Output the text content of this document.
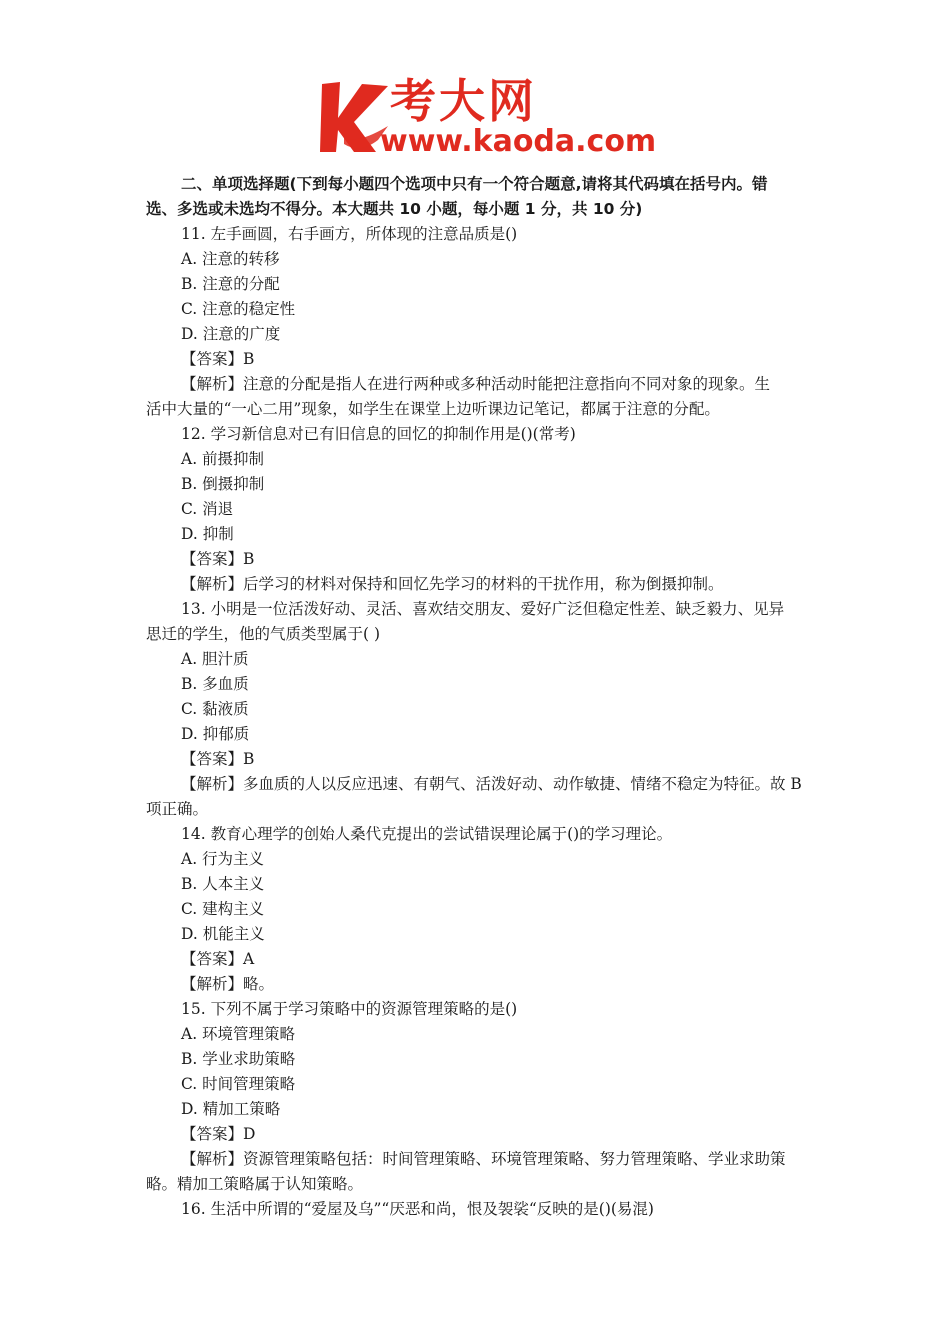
考大网
www.kaoda.com

二、单项选择题(下到每小题四个选项中只有一个符合题意,请将其代码填在括号内。错

选、多选或未选均不得分。本大题共 10 小题，每小题 1 分，共 10 分)

11. 左手画圆，右手画方，所体现的注意品质是()

A. 注意的转移

B. 注意的分配

C. 注意的稳定性

D. 注意的广度

【答案】B

【解析】注意的分配是指人在进行两种或多种活动时能把注意指向不同对象的现象。生

活中大量的“一心二用”现象，如学生在课堂上边听课边记笔记，都属于注意的分配。

12. 学习新信息对已有旧信息的回忆的抑制作用是()(常考)

A. 前摄抑制

B. 倒摄抑制

C. 消退

D. 抑制

【答案】B

【解析】后学习的材料对保持和回忆先学习的材料的干扰作用，称为倒摄抑制。

13. 小明是一位活泼好动、灵活、喜欢结交朋友、爱好广泛但稳定性差、缺乏毅力、见异

思迁的学生，他的气质类型属于( )

A. 胆汁质

B. 多血质

C. 黏液质

D. 抑郁质

【答案】B

【解析】多血质的人以反应迅速、有朝气、活泼好动、动作敏捷、情绪不稳定为特征。故 B

项正确。

14. 教育心理学的创始人桑代克提出的尝试错误理论属于()的学习理论。

A. 行为主义

B. 人本主义

C. 建构主义

D. 机能主义

【答案】A

【解析】略。

15. 下列不属于学习策略中的资源管理策略的是()

A. 环境管理策略

B. 学业求助策略

C. 时间管理策略

D. 精加工策略

【答案】D

【解析】资源管理策略包括：时间管理策略、环境管理策略、努力管理策略、学业求助策

略。精加工策略属于认知策略。

16. 生活中所谓的“爱屋及乌”“厌恶和尚，恨及袈裟“反映的是()(易混)
